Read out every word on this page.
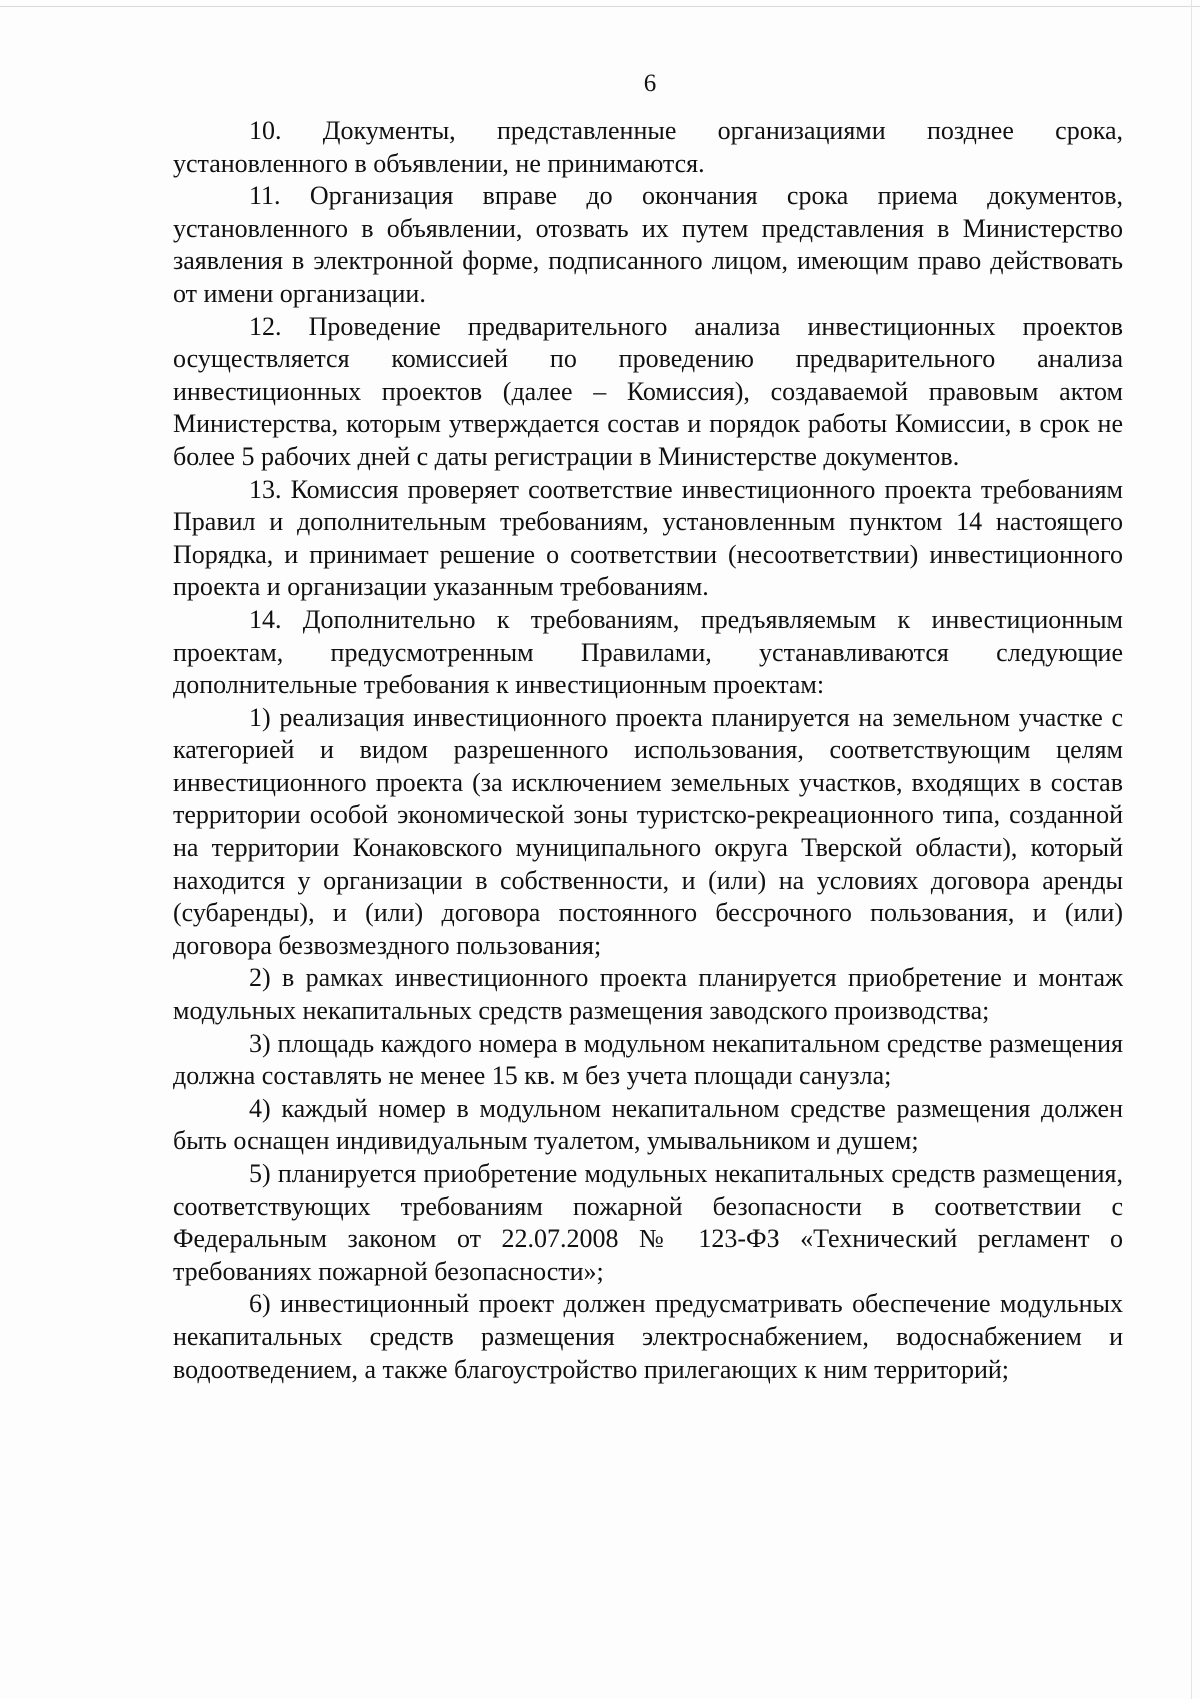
6

10. Документы, представленные организациями позднее срока, установленного в объявлении, не принимаются.

11. Организация вправе до окончания срока приема документов, установленного в объявлении, отозвать их путем представления в Министерство заявления в электронной форме, подписанного лицом, имеющим право действовать от имени организации.

12. Проведение предварительного анализа инвестиционных проектов осуществляется комиссией по проведению предварительного анализа инвестиционных проектов (далее – Комиссия), создаваемой правовым актом Министерства, которым утверждается состав и порядок работы Комиссии, в срок не более 5 рабочих дней с даты регистрации в Министерстве документов.

13. Комиссия проверяет соответствие инвестиционного проекта требованиям Правил и дополнительным требованиям, установленным пунктом 14 настоящего Порядка, и принимает решение о соответствии (несоответствии) инвестиционного проекта и организации указанным требованиям.

14. Дополнительно к требованиям, предъявляемым к инвестиционным проектам, предусмотренным Правилами, устанавливаются следующие дополнительные требования к инвестиционным проектам:

1) реализация инвестиционного проекта планируется на земельном участке с категорией и видом разрешенного использования, соответствующим целям инвестиционного проекта (за исключением земельных участков, входящих в состав территории особой экономической зоны туристско-рекреационного типа, созданной на территории Конаковского муниципального округа Тверской области), который находится у организации в собственности, и (или) на условиях договора аренды (субаренды), и (или) договора постоянного бессрочного пользования, и (или) договора безвозмездного пользования;

2) в рамках инвестиционного проекта планируется приобретение и монтаж модульных некапитальных средств размещения заводского производства;

3) площадь каждого номера в модульном некапитальном средстве размещения должна составлять не менее 15 кв. м без учета площади санузла;

4) каждый номер в модульном некапитальном средстве размещения должен быть оснащен индивидуальным туалетом, умывальником и душем;

5) планируется приобретение модульных некапитальных средств размещения, соответствующих требованиям пожарной безопасности в соответствии с Федеральным законом от 22.07.2008 № 123-ФЗ «Технический регламент о требованиях пожарной безопасности»;

6) инвестиционный проект должен предусматривать обеспечение модульных некапитальных средств размещения электроснабжением, водоснабжением и водоотведением, а также благоустройство прилегающих к ним территорий;
